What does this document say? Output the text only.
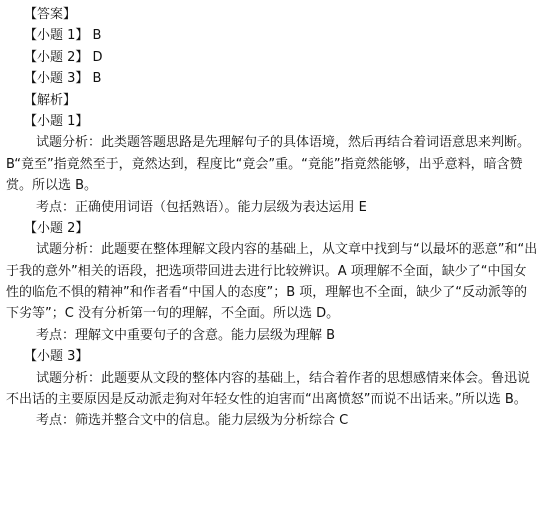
【答案】
【小题 1】 B
【小题 2】 D
【小题 3】 B
【解析】
【小题 1】
试题分析：此类题答题思路是先理解句子的具体语境，然后再结合着词语意思来判断。
B“竟至”指竟然至于，竟然达到，程度比“竟会”重。“竟能”指竟然能够，出乎意料，暗含赞
赏。所以选 B。
考点：正确使用词语（包括熟语）。能力层级为表达运用 E
【小题 2】
试题分析：此题要在整体理解文段内容的基础上，从文章中找到与“以最坏的恶意”和“出
于我的意外”相关的语段，把选项带回进去进行比较辨识。A 项理解不全面，缺少了“中国女
性的临危不惧的精神”和作者看“中国人的态度”；B 项，理解也不全面，缺少了“反动派等的
下劣等”；C 没有分析第一句的理解，不全面。所以选 D。
考点：理解文中重要句子的含意。能力层级为理解 B
【小题 3】
试题分析：此题要从文段的整体内容的基础上，结合着作者的思想感情来体会。鲁迅说
不出话的主要原因是反动派走狗对年轻女性的迫害而“出离愤怒”而说不出话来。”所以选 B。
考点：筛选并整合文中的信息。能力层级为分析综合 C
